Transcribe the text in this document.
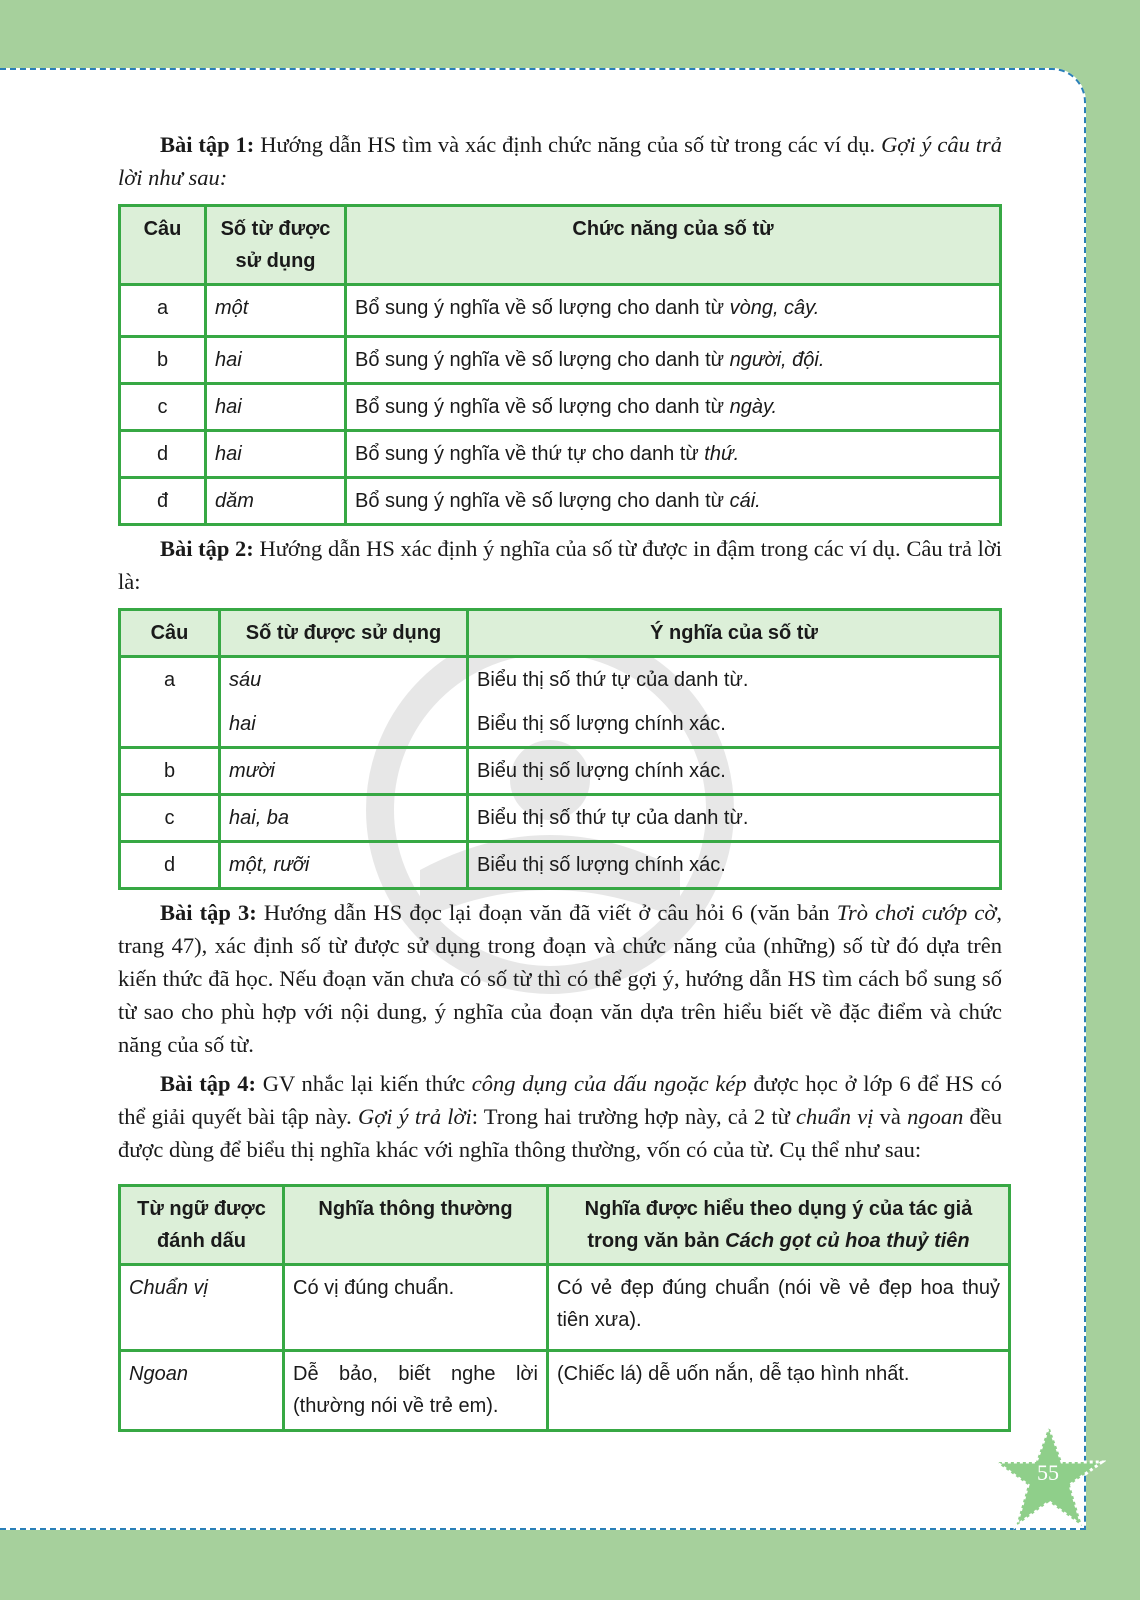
Bài tập 1: Hướng dẫn HS tìm và xác định chức năng của số từ trong các ví dụ. Gợi ý câu trả lời như sau:

Câu	Số từ được sử dụng	Chức năng của số từ
a	một	Bổ sung ý nghĩa về số lượng cho danh từ vòng, cây.
b	hai	Bổ sung ý nghĩa về số lượng cho danh từ người, đội.
c	hai	Bổ sung ý nghĩa về số lượng cho danh từ ngày.
d	hai	Bổ sung ý nghĩa về thứ tự cho danh từ thứ.
đ	dăm	Bổ sung ý nghĩa về số lượng cho danh từ cái.

Bài tập 2: Hướng dẫn HS xác định ý nghĩa của số từ được in đậm trong các ví dụ. Câu trả lời là:

Câu	Số từ được sử dụng	Ý nghĩa của số từ
a	sáu	Biểu thị số thứ tự của danh từ.
	hai	Biểu thị số lượng chính xác.
b	mười	Biểu thị số lượng chính xác.
c	hai, ba	Biểu thị số thứ tự của danh từ.
d	một, rưỡi	Biểu thị số lượng chính xác.

Bài tập 3: Hướng dẫn HS đọc lại đoạn văn đã viết ở câu hỏi 6 (văn bản Trò chơi cướp cờ, trang 47), xác định số từ được sử dụng trong đoạn và chức năng của (những) số từ đó dựa trên kiến thức đã học. Nếu đoạn văn chưa có số từ thì có thể gợi ý, hướng dẫn HS tìm cách bổ sung số từ sao cho phù hợp với nội dung, ý nghĩa của đoạn văn dựa trên hiểu biết về đặc điểm và chức năng của số từ.

Bài tập 4: GV nhắc lại kiến thức công dụng của dấu ngoặc kép được học ở lớp 6 để HS có thể giải quyết bài tập này. Gợi ý trả lời: Trong hai trường hợp này, cả 2 từ chuẩn vị và ngoan đều được dùng để biểu thị nghĩa khác với nghĩa thông thường, vốn có của từ. Cụ thể như sau:

Từ ngữ được đánh dấu	Nghĩa thông thường	Nghĩa được hiểu theo dụng ý của tác giả trong văn bản Cách gọt củ hoa thuỷ tiên
Chuẩn vị	Có vị đúng chuẩn.	Có vẻ đẹp đúng chuẩn (nói về vẻ đẹp hoa thuỷ tiên xưa).
Ngoan	Dễ bảo, biết nghe lời (thường nói về trẻ em).	(Chiếc lá) dễ uốn nắn, dễ tạo hình nhất.
55
